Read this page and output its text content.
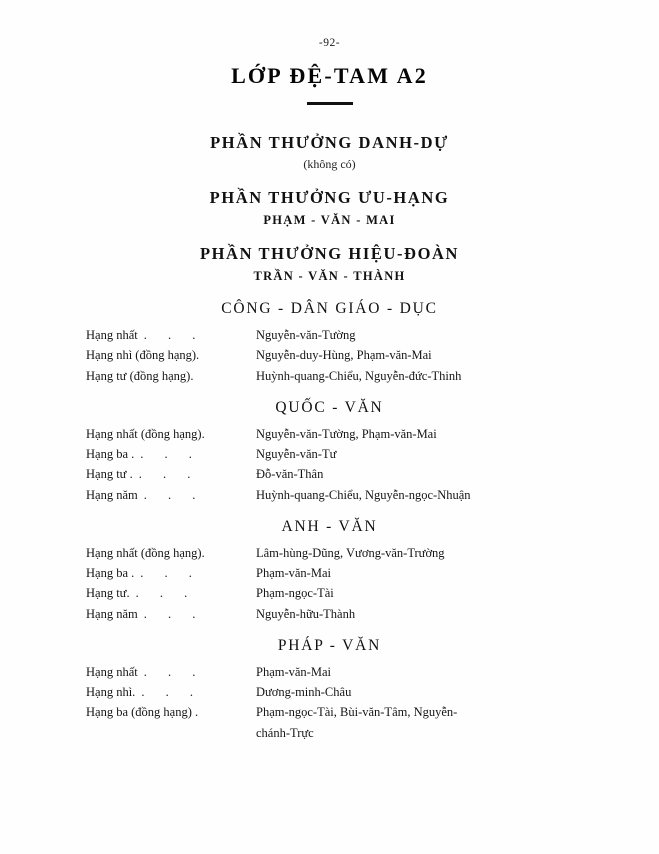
-92-
LỚP ĐỆ-TAM A2
PHẦN THƯỞNG DANH-DỰ
(không có)
PHẦN THƯỞNG ƯU-HẠNG
PHẠM - VĂN - MAI
PHẦN THƯỞNG HIỆU-ĐOÀN
TRẦN - VĂN - THÀNH
CÔNG - DÂN GIÁO - DỤC
Hạng nhất . . .	Nguyễn-văn-Tường
Hạng nhì (đồng hạng).	Nguyễn-duy-Hùng, Phạm-văn-Mai
Hạng tư (đồng hạng).	Huỳnh-quang-Chiểu, Nguyễn-đức-Thinh
QUỐC - VĂN
Hạng nhất (đồng hạng).	Nguyễn-văn-Tường, Phạm-văn-Mai
Hạng ba . . . .	Nguyễn-văn-Tư
Hạng tư . . . .	Đỗ-văn-Thân
Hạng năm . . .	Huỳnh-quang-Chiểu, Nguyễn-ngọc-Nhuận
ANH - VĂN
Hạng nhất (đồng hạng).	Lâm-hùng-Dũng, Vương-văn-Trường
Hạng ba . . . .	Phạm-văn-Mai
Hạng tư. . . .	Phạm-ngọc-Tài
Hạng năm . . .	Nguyễn-hữu-Thành
PHÁP - VĂN
Hạng nhất . . .	Phạm-văn-Mai
Hạng nhì. . . .	Dương-minh-Châu
Hạng ba (đồng hạng) .	Phạm-ngọc-Tài, Bùi-văn-Tâm, Nguyễn-
chánh-Trực
